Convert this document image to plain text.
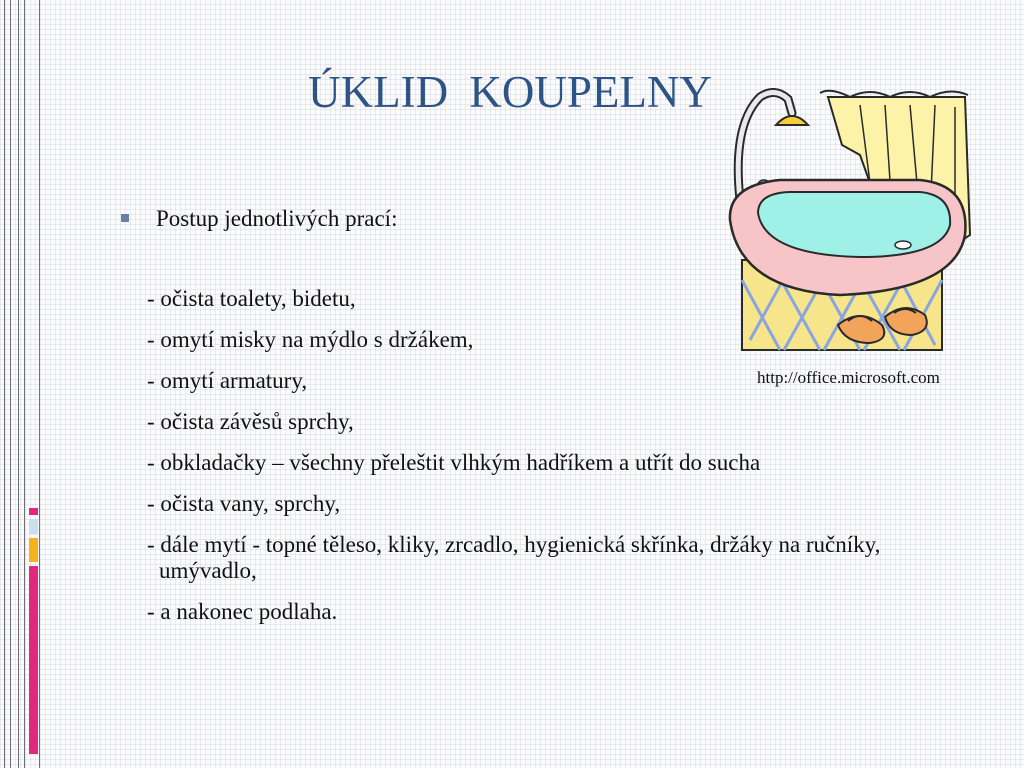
ÚKLID KOUPELNY
Postup jednotlivých prací:
- očista toalety, bidetu,
- omytí misky na mýdlo s držákem,
- omytí armatury,
- očista závěsů sprchy,
- obkladačky – všechny přeleštit vlhkým hadříkem a utřít do sucha
- očista vany, sprchy,
- dále mytí - topné těleso, kliky, zrcadlo, hygienická skřínka, držáky na ručníky, umývadlo,
- a nakonec podlaha.
http://office.microsoft.com
